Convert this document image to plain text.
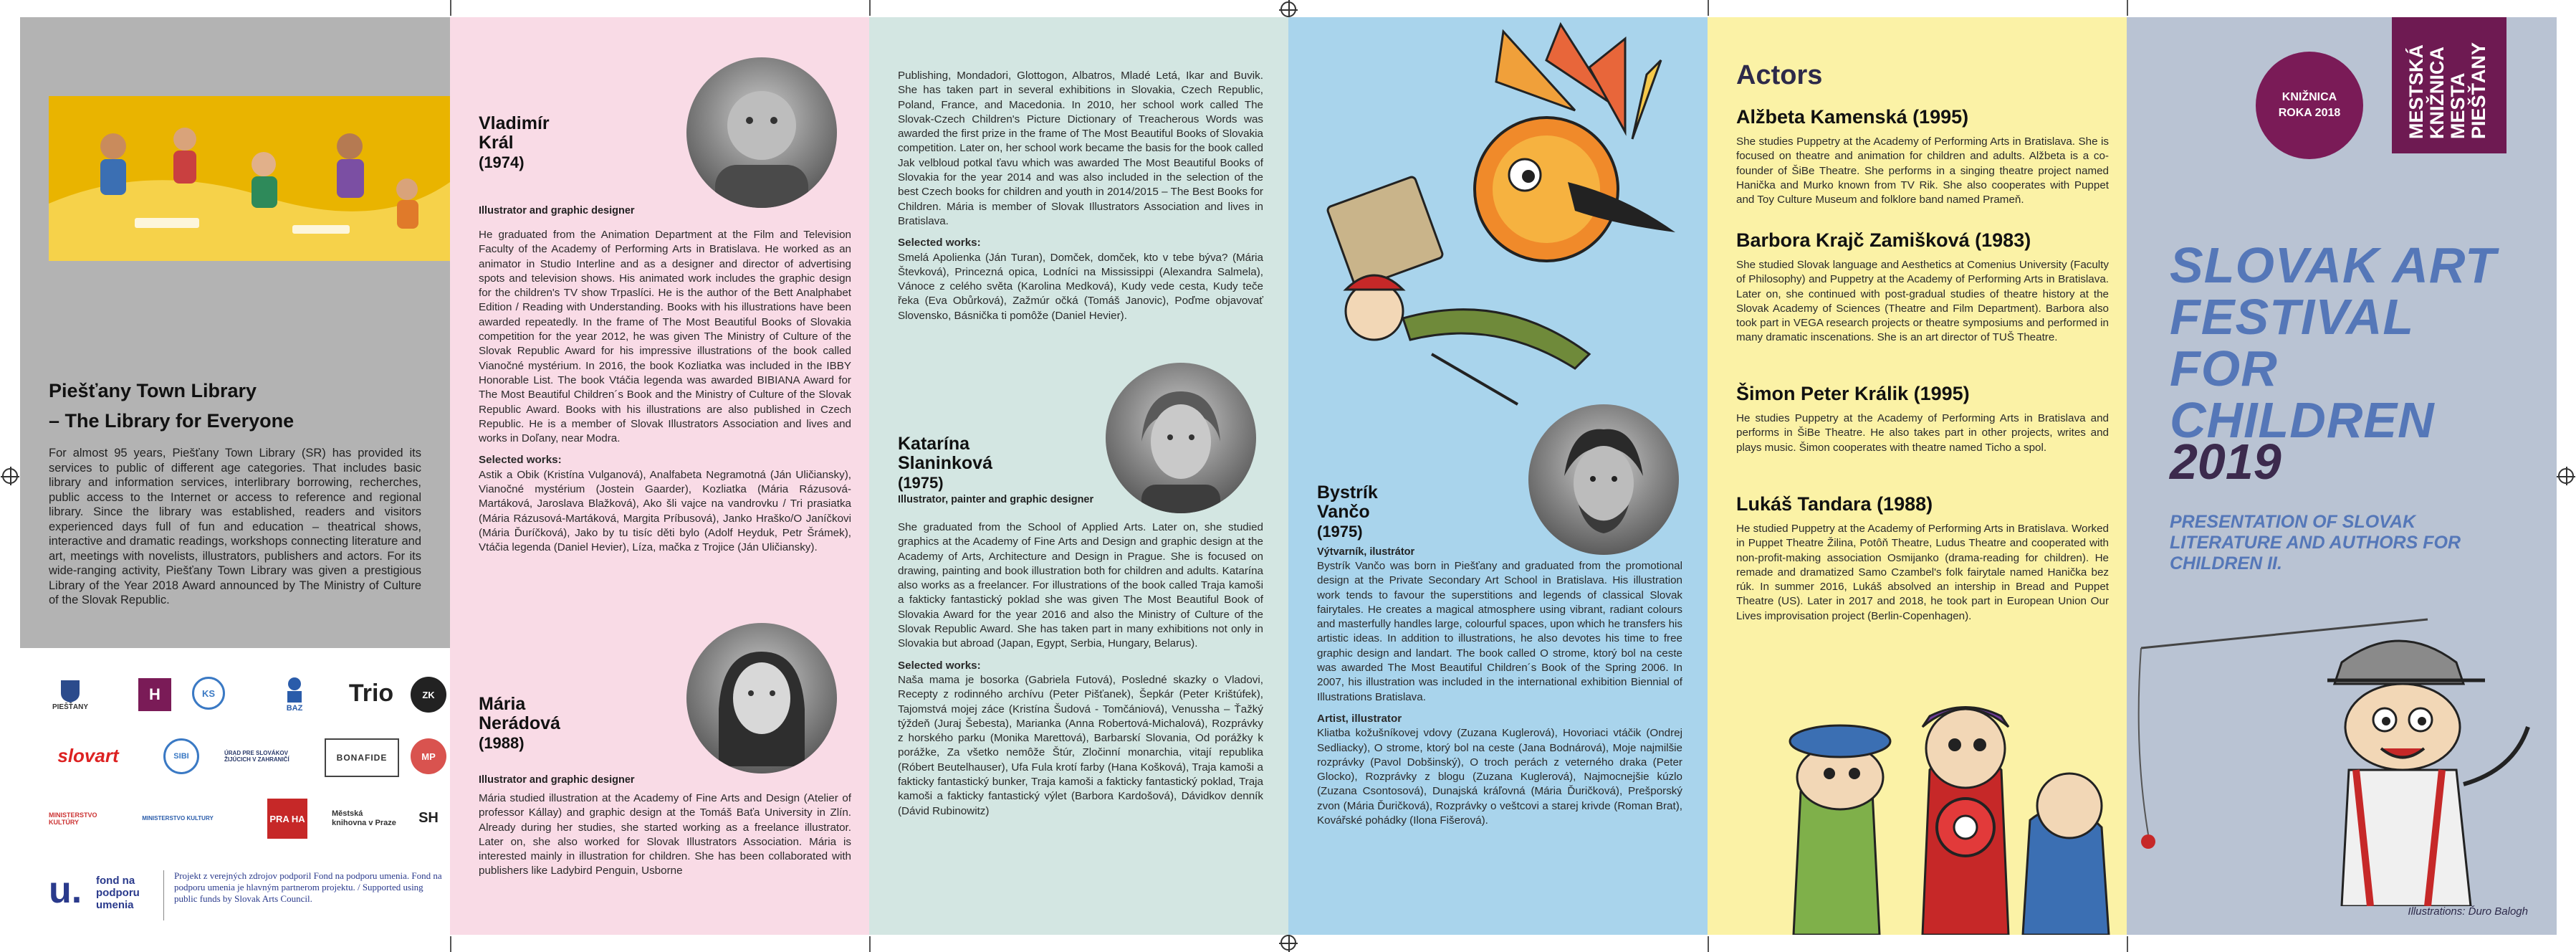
Piešťany Town Library
– The Library for Everyone
For almost 95 years, Piešťany Town Library (SR) has provided its services to public of different age categories. That includes basic library and information services, interlibrary borrowing, recherches, public access to the Internet or access to reference and regional library. Since the library was established, readers and visitors experienced days full of fun and education – theatrical shows, interactive and dramatic readings, workshops connecting literature and art, meetings with novelists, illustrators, publishers and actors. For its wide-ranging activity, Piešťany Town Library was given a prestigious Library of the Year 2018 Award announced by The Ministry of Culture of the Slovak Republic.
PIEŠŤANY
H	KS
BAZ
Trio	ZK
slovart	SIBI	ÚRAD PRE SLOVÁKOV ŽIJÚCICH V ZAHRANIČÍ	BONAFIDE	MP
MINISTERSTVO KULTÚRY
MINISTERSTVO KULTURY	PRA HA	Městská knihovna v Praze SH
u. fond na podporu umenia
Projekt z verejných zdrojov podporil Fond na podporu umenia. Fond na podporu umenia je hlavným partnerom projektu. / Supported using public funds by Slovak Arts Council.
Vladimír
Král
(1974)
Illustrator and graphic designer
He graduated from the Animation Department at the Film and Television Faculty of the Academy of Performing Arts in Bratislava. He worked as an animator in Studio Interline and as a designer and director of advertising spots and television shows. His animated work includes the graphic design for the children's TV show Trpaslíci. He is the author of the Bett Analphabet Edition / Reading with Understanding. Books with his illustrations have been awarded repeatedly. In the frame of The Most Beautiful Books of Slovakia competition for the year 2012, he was given The Ministry of Culture of the Slovak Republic Award for his impressive illustrations of the book called Vianočné mystérium. In 2016, the book Kozliatka was included in the IBBY Honorable List. The book Vtáčia legenda was awarded BIBIANA Award for The Most Beautiful Children´s Book and the Ministry of Culture of the Slovak Republic Award. Books with his illustrations are also published in Czech Republic. He is a member of Slovak Illustrators Association and lives and works in Doľany, near Modra.
Selected works:
Astik a Obik (Kristína Vulganová), Analfabeta Negramotná (Ján Uličiansky), Vianočné mystérium (Jostein Gaarder), Kozliatka (Mária Rázusová-Martáková, Jaroslava Blažková), Ako šli vajce na vandrovku / Tri prasiatka (Mária Rázusová-Martáková, Margita Príbusová), Janko Hraško/O Janíčkovi (Mária Ďuríčková), Jako by tu tisíc děti bylo (Adolf Heyduk, Petr Šrámek), Vtáčia legenda (Daniel Hevier), Líza, mačka z Trojice (Ján Uličiansky).
Mária
Nerádová
(1988)
Illustrator and graphic designer
Mária studied illustration at the Academy of Fine Arts and Design (Atelier of professor Kállay) and graphic design at the Tomáš Baťa University in Zlín. Already during her studies, she started working as a freelance illustrator. Later on, she also worked for Slovak Illustrators Association. Mária is interested mainly in illustration for children. She has been collaborated with publishers like Ladybird Penguin, Usborne
Publishing, Mondadori, Glottogon, Albatros, Mladé Letá, Ikar and Buvik. She has taken part in several exhibitions in Slovakia, Czech Republic, Poland, France, and Macedonia. In 2010, her school work called The Slovak-Czech Children's Picture Dictionary of Treacherous Words was awarded the first prize in the frame of The Most Beautiful Books of Slovakia competition. Later on, her school work became the basis for the book called Jak velbloud potkal ťavu which was awarded The Most Beautiful Books of Slovakia for the year 2014 and was also included in the selection of the best Czech books for children and youth in 2014/2015 – The Best Books for Children. Mária is member of Slovak Illustrators Association and lives in Bratislava.
Selected works:
Smelá Apolienka (Ján Turan), Domček, domček, kto v tebe býva? (Mária Števková), Princezná opica, Lodníci na Mississippi (Alexandra Salmela), Vánoce z celého světa (Karolina Medková), Kudy vede cesta, Kudy teče řeka (Eva Obůrková), Zažmúr očká (Tomáš Janovic), Poďme objavovať Slovensko, Básnička ti pomôže (Daniel Hevier).
Katarína
Slaninková
(1975)
Illustrator, painter and graphic designer
She graduated from the School of Applied Arts. Later on, she studied graphics at the Academy of Fine Arts and Design and graphic design at the Academy of Arts, Architecture and Design in Prague. She is focused on drawing, painting and book illustration both for children and adults. Katarína also works as a freelancer. For illustrations of the book called Traja kamoši a fakticky fantastický poklad she was given The Most Beautiful Book of Slovakia Award for the year 2016 and also the Ministry of Culture of the Slovak Republic Award. She has taken part in many exhibitions not only in Slovakia but abroad (Japan, Egypt, Serbia, Hungary, Belarus).
Selected works:
Naša mama je bosorka (Gabriela Futová), Posledné skazky o Vladovi, Recepty z rodinného archívu (Peter Pišťanek), Šepkár (Peter Krištúfek), Tajomstvá mojej záce (Kristína Šudová - Tomčániová), Venussha – Ťažký týždeň (Juraj Šebesta), Marianka (Anna Robertová-Michalová), Rozprávky z horského parku (Monika Marettová), Barbarskí Slovania, Od porážky k porážke, Za všetko nemôže Štúr, Zločinní monarchia, vitají republika (Róbert Beutelhauser), Ufa Fula krotí farby (Hana Košková), Traja kamoši a fakticky fantastický bunker, Traja kamoši a fakticky fantastický poklad, Traja kamoši a fakticky fantastický výlet (Barbora Kardošová), Dávidkov denník (Dávid Rubinowitz)
Bystrík
Vančo
(1975)
Výtvarník, ilustrátor
Bystrík Vančo was born in Piešťany and graduated from the promotional design at the Private Secondary Art School in Bratislava. His illustration work tends to favour the superstitions and legends of classical Slovak fairytales. He creates a magical atmosphere using vibrant, radiant colours and masterfully handles large, colourful spaces, upon which he transfers his artistic ideas. In addition to illustrations, he also devotes his time to free graphic design and landart. The book called O strome, ktorý bol na ceste was awarded The Most Beautiful Children´s Book of the Spring 2006. In 2007, his illustration was included in the international exhibition Biennial of Illustrations Bratislava.
Artist, illustrator
Kliatba kožušníkovej vdovy (Zuzana Kuglerová), Hovoriaci vtáčik (Ondrej Sedliacky), O strome, ktorý bol na ceste (Jana Bodnárová), Moje najmilšie rozprávky (Pavol Dobšinský), O troch perách z veterného draka (Peter Glocko), Rozprávky z blogu (Zuzana Kuglerová), Najmocnejšie kúzlo (Zuzana Csontosová), Dunajská kráľovná (Mária Ďuričková), Prešporský zvon (Mária Ďuričková), Rozprávky o veštcovi a starej krivde (Roman Brat), Kovářské pohádky (Ilona Fišerová).
Actors
Alžbeta Kamenská (1995)
She studies Puppetry at the Academy of Performing Arts in Bratislava. She is focused on theatre and animation for children and adults. Alžbeta is a co-founder of ŠiBe Theatre. She performs in a singing theatre project named Hanička and Murko known from TV Rik. She also cooperates with Puppet and Toy Culture Museum and folklore band named Prameň.
Barbora Krajč Zamišková (1983)
She studied Slovak language and Aesthetics at Comenius University (Faculty of Philosophy) and Puppetry at the Academy of Performing Arts in Bratislava. Later on, she continued with post-gradual studies of theatre history at the Slovak Academy of Sciences (Theatre and Film Department). Barbora also took part in VEGA research projects or theatre symposiums and performed in many dramatic inscenations. She is an art director of TUŠ Theatre.
Šimon Peter Králik (1995)
He studies Puppetry at the Academy of Performing Arts in Bratislava and performs in ŠiBe Theatre. He also takes part in other projects, writes and plays music. Šimon cooperates with theatre named Ticho a spol.
Lukáš Tandara (1988)
He studied Puppetry at the Academy of Performing Arts in Bratislava. Worked in Puppet Theatre Žilina, Potôň Theatre, Ludus Theatre and cooperated with non-profit-making association Osmijanko (drama-reading for children). He remade and dramatized Samo Czambel's folk fairytale named Hanička bez rúk. In summer 2016, Lukáš absolved an intership in Bread and Puppet Theatre (US). Later in 2017 and 2018, he took part in European Union Our Lives improvisation project (Berlin-Copenhagen).
KNIŽNICA
ROKA 2018	MESTSKÁ KNIŽNICA MESTA PIEŠŤANY
SLOVAK ART
FESTIVAL
FOR CHILDREN
2019
PRESENTATION OF SLOVAK LITERATURE AND AUTHORS FOR CHILDREN II.
Illustrations: Ďuro Balogh
